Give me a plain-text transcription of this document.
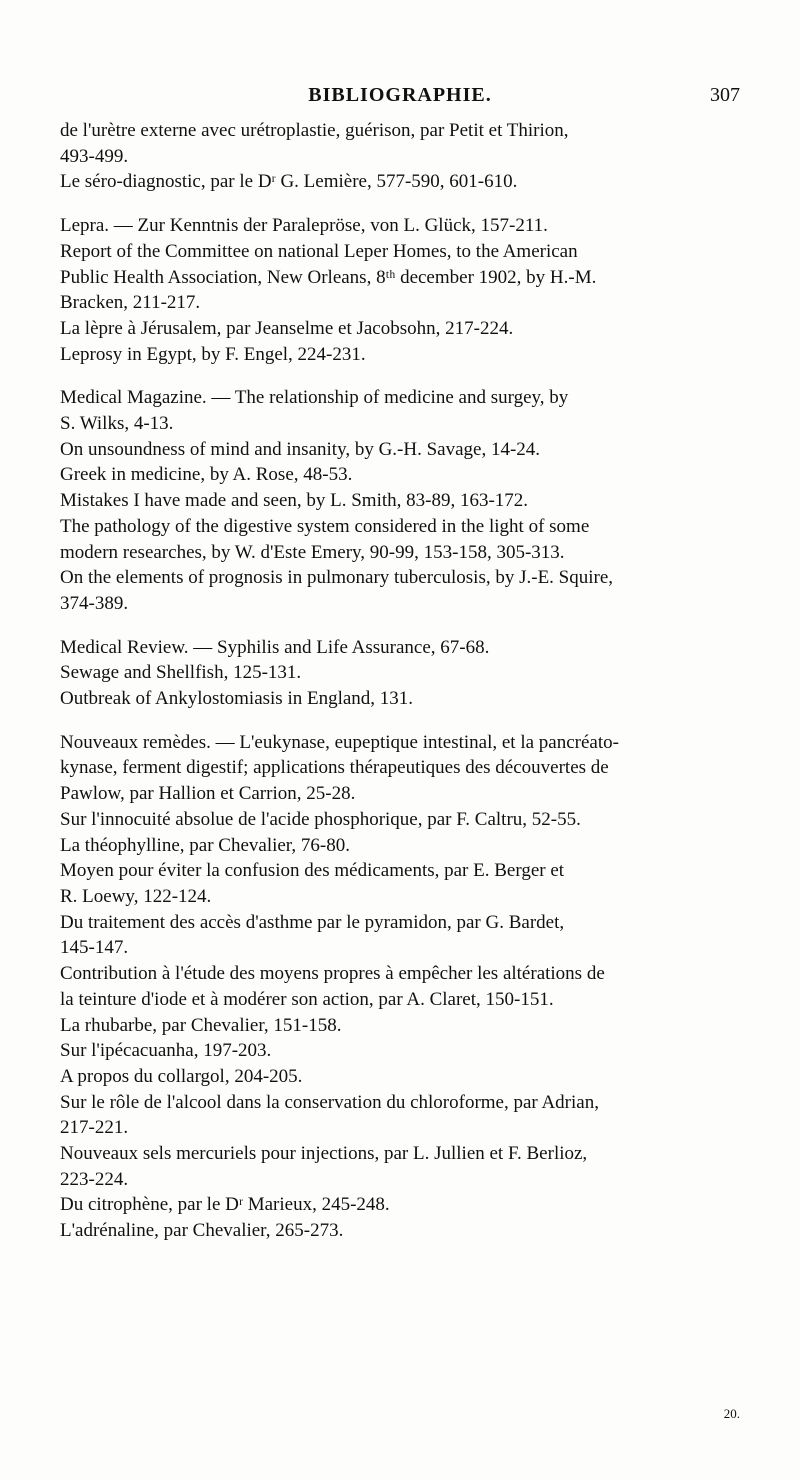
BIBLIOGRAPHIE.	307
de l'urètre externe avec urétroplastie, guérison, par Petit et Thirion,
493-499.
Le séro-diagnostic, par le Dʳ G. Lemière, 577-590, 601-610.
Lepra. — Zur Kenntnis der Paralepröse, von L. Glück, 157-211.
Report of the Committee on national Leper Homes, to the American
Public Health Association, New Orleans, 8ᵗʰ december 1902, by H.-M.
Bracken, 211-217.
La lèpre à Jérusalem, par Jeanselme et Jacobsohn, 217-224.
Leprosy in Egypt, by F. Engel, 224-231.
Medical Magazine. — The relationship of medicine and surgey, by
S. Wilks, 4-13.
On unsoundness of mind and insanity, by G.-H. Savage, 14-24.
Greek in medicine, by A. Rose, 48-53.
Mistakes I have made and seen, by L. Smith, 83-89, 163-172.
The pathology of the digestive system considered in the light of some
modern researches, by W. d'Este Emery, 90-99, 153-158, 305-313.
On the elements of prognosis in pulmonary tuberculosis, by J.-E. Squire,
374-389.
Medical Review. — Syphilis and Life Assurance, 67-68.
Sewage and Shellfish, 125-131.
Outbreak of Ankylostomiasis in England, 131.
Nouveaux remèdes. — L'eukynase, eupeptique intestinal, et la pancréato-
kynase, ferment digestif; applications thérapeutiques des découvertes de
Pawlow, par Hallion et Carrion, 25-28.
Sur l'innocuité absolue de l'acide phosphorique, par F. Caltru, 52-55.
La théophylline, par Chevalier, 76-80.
Moyen pour éviter la confusion des médicaments, par E. Berger et
R. Loewy, 122-124.
Du traitement des accès d'asthme par le pyramidon, par G. Bardet,
145-147.
Contribution à l'étude des moyens propres à empêcher les altérations de
la teinture d'iode et à modérer son action, par A. Claret, 150-151.
La rhubarbe, par Chevalier, 151-158.
Sur l'ipécacuanha, 197-203.
A propos du collargol, 204-205.
Sur le rôle de l'alcool dans la conservation du chloroforme, par Adrian,
217-221.
Nouveaux sels mercuriels pour injections, par L. Jullien et F. Berlioz,
223-224.
Du citrophène, par le Dʳ Marieux, 245-248.
L'adrénaline, par Chevalier, 265-273.
20.
